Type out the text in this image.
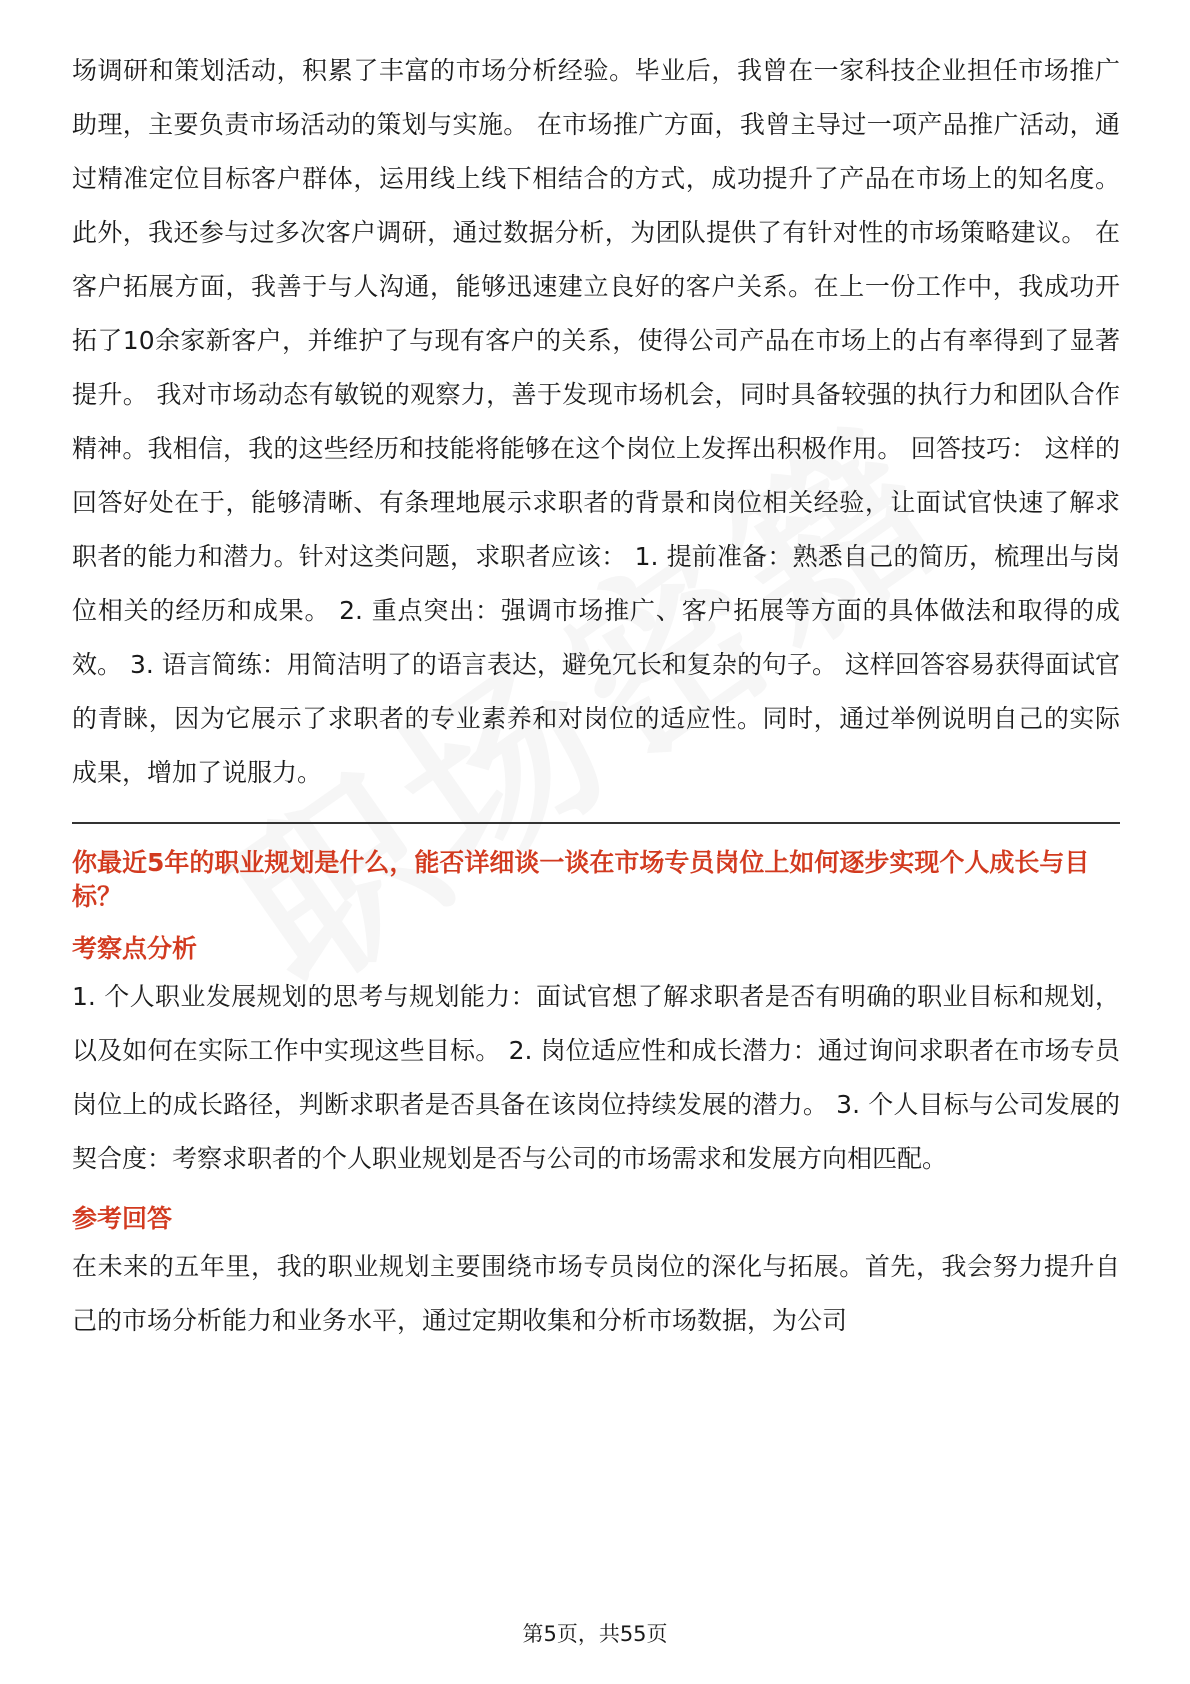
场调研和策划活动，积累了丰富的市场分析经验。毕业后，我曾在一家科技企业担任市场推广助理，主要负责市场活动的策划与实施。 在市场推广方面，我曾主导过一项产品推广活动，通过精准定位目标客户群体，运用线上线下相结合的方式，成功提升了产品在市场上的知名度。此外，我还参与过多次客户调研，通过数据分析，为团队提供了有针对性的市场策略建议。 在客户拓展方面，我善于与人沟通，能够迅速建立良好的客户关系。在上一份工作中，我成功开拓了10余家新客户，并维护了与现有客户的关系，使得公司产品在市场上的占有率得到了显著提升。 我对市场动态有敏锐的观察力，善于发现市场机会，同时具备较强的执行力和团队合作精神。我相信，我的这些经历和技能将能够在这个岗位上发挥出积极作用。 回答技巧： 这样的回答好处在于，能够清晰、有条理地展示求职者的背景和岗位相关经验，让面试官快速了解求职者的能力和潜力。针对这类问题，求职者应该： 1. 提前准备：熟悉自己的简历，梳理出与岗位相关的经历和成果。 2. 重点突出：强调市场推广、客户拓展等方面的具体做法和取得的成效。 3. 语言简练：用简洁明了的语言表达，避免冗长和复杂的句子。 这样回答容易获得面试官的青睐，因为它展示了求职者的专业素养和对岗位的适应性。同时，通过举例说明自己的实际成果，增加了说服力。

你最近5年的职业规划是什么，能否详细谈一谈在市场专员岗位上如何逐步实现个人成长与目标？

考察点分析

1. 个人职业发展规划的思考与规划能力：面试官想了解求职者是否有明确的职业目标和规划，以及如何在实际工作中实现这些目标。 2. 岗位适应性和成长潜力：通过询问求职者在市场专员岗位上的成长路径，判断求职者是否具备在该岗位持续发展的潜力。 3. 个人目标与公司发展的契合度：考察求职者的个人职业规划是否与公司的市场需求和发展方向相匹配。

参考回答

在未来的五年里，我的职业规划主要围绕市场专员岗位的深化与拓展。首先，我会努力提升自己的市场分析能力和业务水平，通过定期收集和分析市场数据，为公司

第5页，共55页
